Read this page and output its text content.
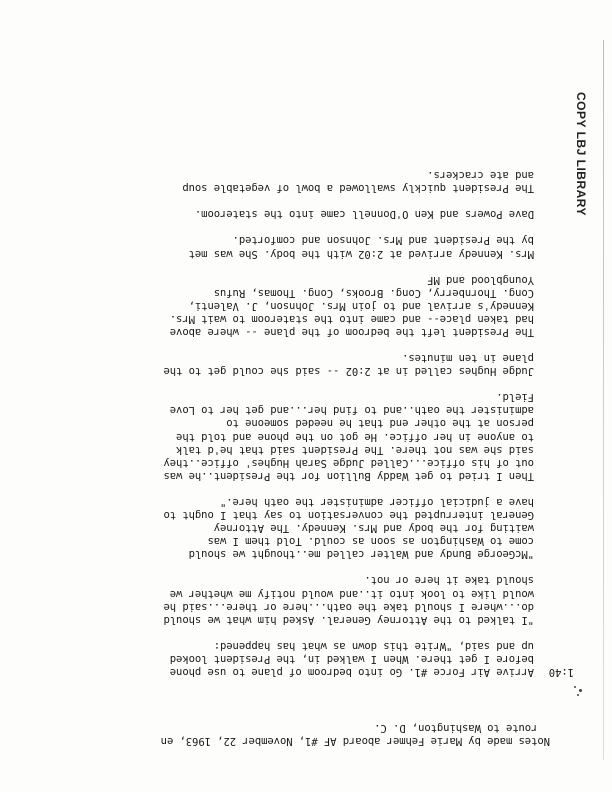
Notes made by Marie Fehmer aboard AF #1, November 22, 1963, en
route to Washington, D. C.
1:40
Arrive Air Force #1. Go into bedroom of plane to use phone
before I get there. When I walked in, the President looked
up and said, "Write this down as what has happened:
"I talked to the Attorney General. Asked him what we should
do...where I should take the oath...here or there...said he
would like to look into it..and would notify me whether we
should take it here or not.
"McGeorge Bundy and Walter called me..thought we should
come to Washington as soon as could. Told them I was
waiting for the body and Mrs. Kennedy. The Attorney
General interrupted the conversation to say that I ought to
have a judicial officer administer the oath here."
Then I tried to get Waddy Bullion for the President..he was
out of his office...Called Judge Sarah Hughes' office..they
said she was not there. The President said that he'd talk
to anyone in her office. He got on the phone and told the
person at the other end that he needed someone to
administer the oath..and to find her...and get her to Love
Field.
Judge Hughes called in at 2:02 -- said she could get to the
plane in ten minutes.
The President left the bedroom of the plane -- where above
had taken place-- and came into the stateroom to wait Mrs.
Kennedy's arrival and to join Mrs. Johnson, J. Valenti,
Cong. Thornberry, Cong. Brooks, Cong. Thomas, Rufus
Youngblood and MF
Mrs. Kennedy arrived at 2:02 with the body. She was met
by the President and Mrs. Johnson and comforted.
Dave Powers and Ken O'Donnell came into the stateroom.
The President quickly swallowed a bowl of vegetable soup
and ate crackers.	COPY LBJ LIBRARY
